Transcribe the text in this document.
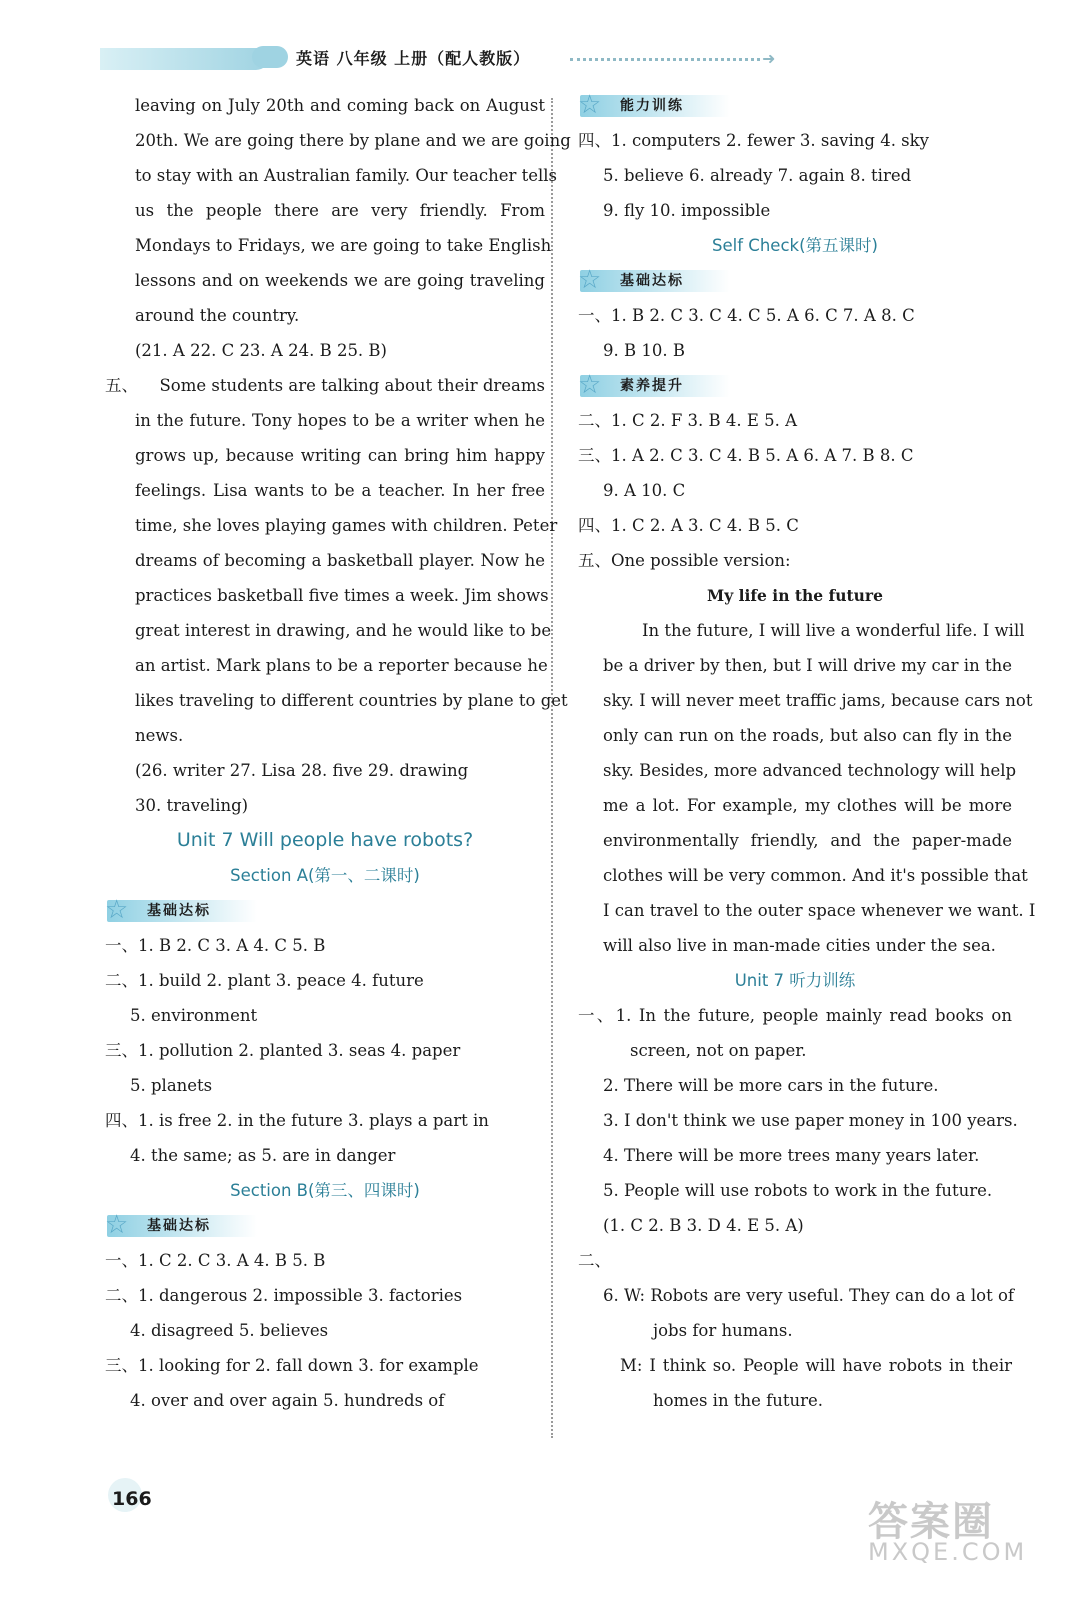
英语 八年级 上册（配人教版）	➜
leaving on July 20th and coming back on August
20th. We are going there by plane and we are going
to stay with an Australian family. Our teacher tells
us the people there are very friendly. From
Mondays to Fridays, we are going to take English
lessons and on weekends we are going traveling
around the country.
(21. A 22. C 23. A 24. B 25. B)
五、	Some students are talking about their dreams
in the future. Tony hopes to be a writer when he
grows up, because writing can bring him happy
feelings. Lisa wants to be a teacher. In her free
time, she loves playing games with children. Peter
dreams of becoming a basketball player. Now he
practices basketball five times a week. Jim shows
great interest in drawing, and he would like to be
an artist. Mark plans to be a reporter because he
likes traveling to different countries by plane to get
news.
(26. writer 27. Lisa 28. five 29. drawing
30. traveling)
Unit 7 Will people have robots?
Section A(第一、二课时)
☆ 基础达标
一、1. B 2. C 3. A 4. C 5. B
二、1. build 2. plant 3. peace 4. future
5. environment
三、1. pollution 2. planted 3. seas 4. paper
5. planets
四、1. is free 2. in the future 3. plays a part in
4. the same; as 5. are in danger
Section B(第三、四课时)
☆ 基础达标
一、1. C 2. C 3. A 4. B 5. B
二、1. dangerous 2. impossible 3. factories
4. disagreed 5. believes
三、1. looking for 2. fall down 3. for example
4. over and over again 5. hundreds of
☆ 能力训练
四、1. computers 2. fewer 3. saving 4. sky
5. believe 6. already 7. again 8. tired
9. fly 10. impossible
Self Check(第五课时)
☆ 基础达标
一、1. B 2. C 3. C 4. C 5. A 6. C 7. A 8. C
9. B 10. B
☆ 素养提升
二、1. C 2. F 3. B 4. E 5. A
三、1. A 2. C 3. C 4. B 5. A 6. A 7. B 8. C
9. A 10. C
四、1. C 2. A 3. C 4. B 5. C
五、One possible version:
My life in the future
In the future, I will live a wonderful life. I will
be a driver by then, but I will drive my car in the
sky. I will never meet traffic jams, because cars not
only can run on the roads, but also can fly in the
sky. Besides, more advanced technology will help
me a lot. For example, my clothes will be more
environmentally friendly, and the paper-made
clothes will be very common. And it's possible that
I can travel to the outer space whenever we want. I
will also live in man-made cities under the sea.
Unit 7 听力训练
一、1. In the future, people mainly read books on
screen, not on paper.
2. There will be more cars in the future.
3. I don't think we use paper money in 100 years.
4. There will be more trees many years later.
5. People will use robots to work in the future.
(1. C 2. B 3. D 4. E 5. A)
二、
6. W: Robots are very useful. They can do a lot of
jobs for humans.
M: I think so. People will have robots in their
homes in the future.
166	答案圈
MXQE.COM
